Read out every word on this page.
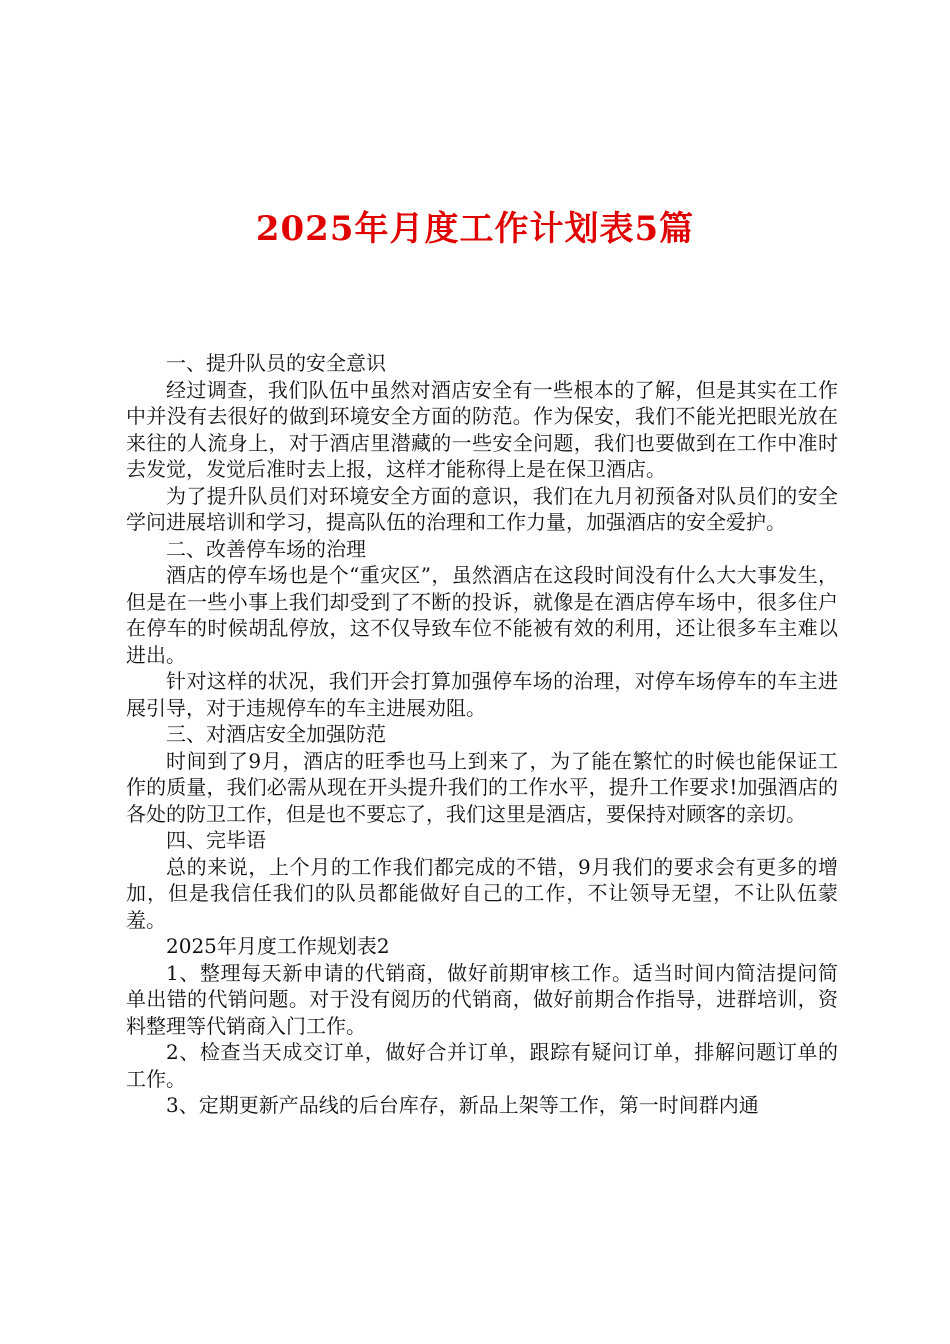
2025年月度工作计划表5篇

一、提升队员的安全意识

经过调查，我们队伍中虽然对酒店安全有一些根本的了解，但是其实在工作中并没有去很好的做到环境安全方面的防范。作为保安，我们不能光把眼光放在来往的人流身上，对于酒店里潜藏的一些安全问题，我们也要做到在工作中准时去发觉，发觉后准时去上报，这样才能称得上是在保卫酒店。

为了提升队员们对环境安全方面的意识，我们在九月初预备对队员们的安全学问进展培训和学习，提高队伍的治理和工作力量，加强酒店的安全爱护。

二、改善停车场的治理

酒店的停车场也是个“重灾区”，虽然酒店在这段时间没有什么大大事发生，但是在一些小事上我们却受到了不断的投诉，就像是在酒店停车场中，很多住户在停车的时候胡乱停放，这不仅导致车位不能被有效的利用，还让很多车主难以进出。

针对这样的状况，我们开会打算加强停车场的治理，对停车场停车的车主进展引导，对于违规停车的车主进展劝阻。

三、对酒店安全加强防范

时间到了9月，酒店的旺季也马上到来了，为了能在繁忙的时候也能保证工作的质量，我们必需从现在开头提升我们的工作水平，提升工作要求!加强酒店的各处的防卫工作，但是也不要忘了，我们这里是酒店，要保持对顾客的亲切。

四、完毕语

总的来说，上个月的工作我们都完成的不错，9月我们的要求会有更多的增加，但是我信任我们的队员都能做好自己的工作，不让领导无望，不让队伍蒙羞。

2025年月度工作规划表2

1、整理每天新申请的代销商，做好前期审核工作。适当时间内简洁提问简单出错的代销问题。对于没有阅历的代销商，做好前期合作指导，进群培训，资料整理等代销商入门工作。

2、检查当天成交订单，做好合并订单，跟踪有疑问订单，排解问题订单的工作。

3、定期更新产品线的后台库存，新品上架等工作，第一时间群内通
